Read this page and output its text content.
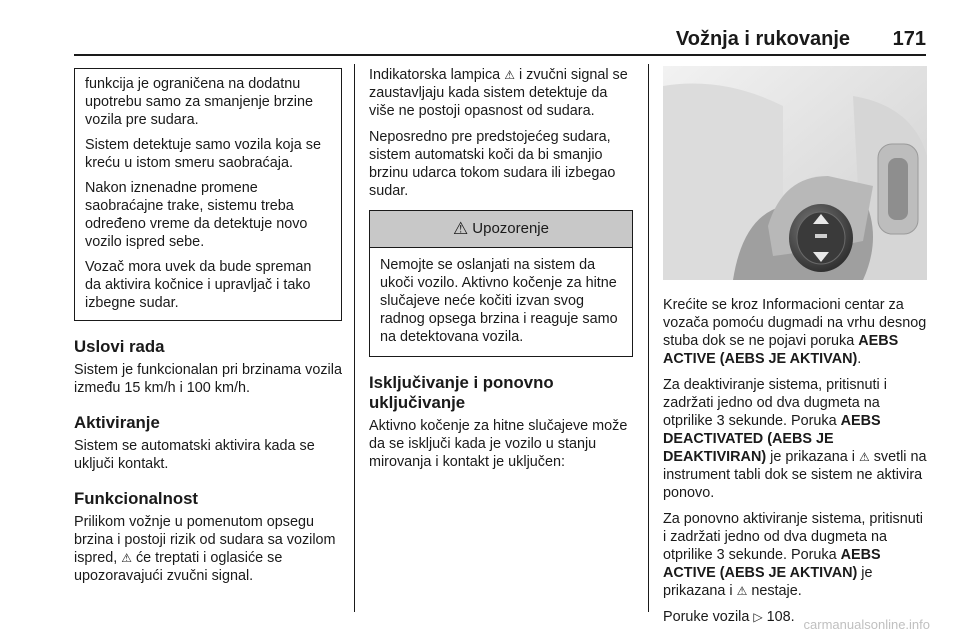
Vožnja i rukovanje 171

funkcija je ograničena na dodatnu upotrebu samo za smanjenje brzine vozila pre sudara.

Sistem detektuje samo vozila koja se kreću u istom smeru saobraćaja.

Nakon iznenadne promene saobraćajne trake, sistemu treba određeno vreme da detektuje novo vozilo ispred sebe.

Vozač mora uvek da bude spreman da aktivira kočnice i upravljač i tako izbegne sudar.

Uslovi rada

Sistem je funkcionalan pri brzinama vozila između 15 km/h i 100 km/h.

Aktiviranje

Sistem se automatski aktivira kada se uključi kontakt.

Funkcionalnost

Prilikom vožnje u pomenutom opsegu brzina i postoji rizik od sudara sa vozilom ispred, ⚠ će treptati i oglasiće se upozoravajući zvučni signal.

Indikatorska lampica ⚠ i zvučni signal se zaustavljaju kada sistem detektuje da više ne postoji opasnost od sudara.

Neposredno pre predstojećeg sudara, sistem automatski koči da bi smanjio brzinu udarca tokom sudara ili izbegao sudar.

⚠ Upozorenje
Nemojte se oslanjati na sistem da ukoči vozilo. Aktivno kočenje za hitne slučajeve neće kočiti izvan svog radnog opsega brzina i reaguje samo na detektovana vozila.
Isključivanje i ponovno uključivanje

Aktivno kočenje za hitne slučajeve može da se isključi kada je vozilo u stanju mirovanja i kontakt je uključen:

Krećite se kroz Informacioni centar za vozača pomoću dugmadi na vrhu desnog stuba dok se ne pojavi poruka AEBS ACTIVE (AEBS JE AKTIVAN).

Za deaktiviranje sistema, pritisnuti i zadržati jedno od dva dugmeta na otprilike 3 sekunde. Poruka AEBS DEACTIVATED (AEBS JE DEAKTIVIRAN) je prikazana i ⚠ svetli na instrument tabli dok se sistem ne aktivira ponovo.

Za ponovno aktiviranje sistema, pritisnuti i zadržati jedno od dva dugmeta na otprilike 3 sekunde. Poruka AEBS ACTIVE (AEBS JE AKTIVAN) je prikazana i ⚠ nestaje.

Poruke vozila ▷ 108. carmanualsonline.info
